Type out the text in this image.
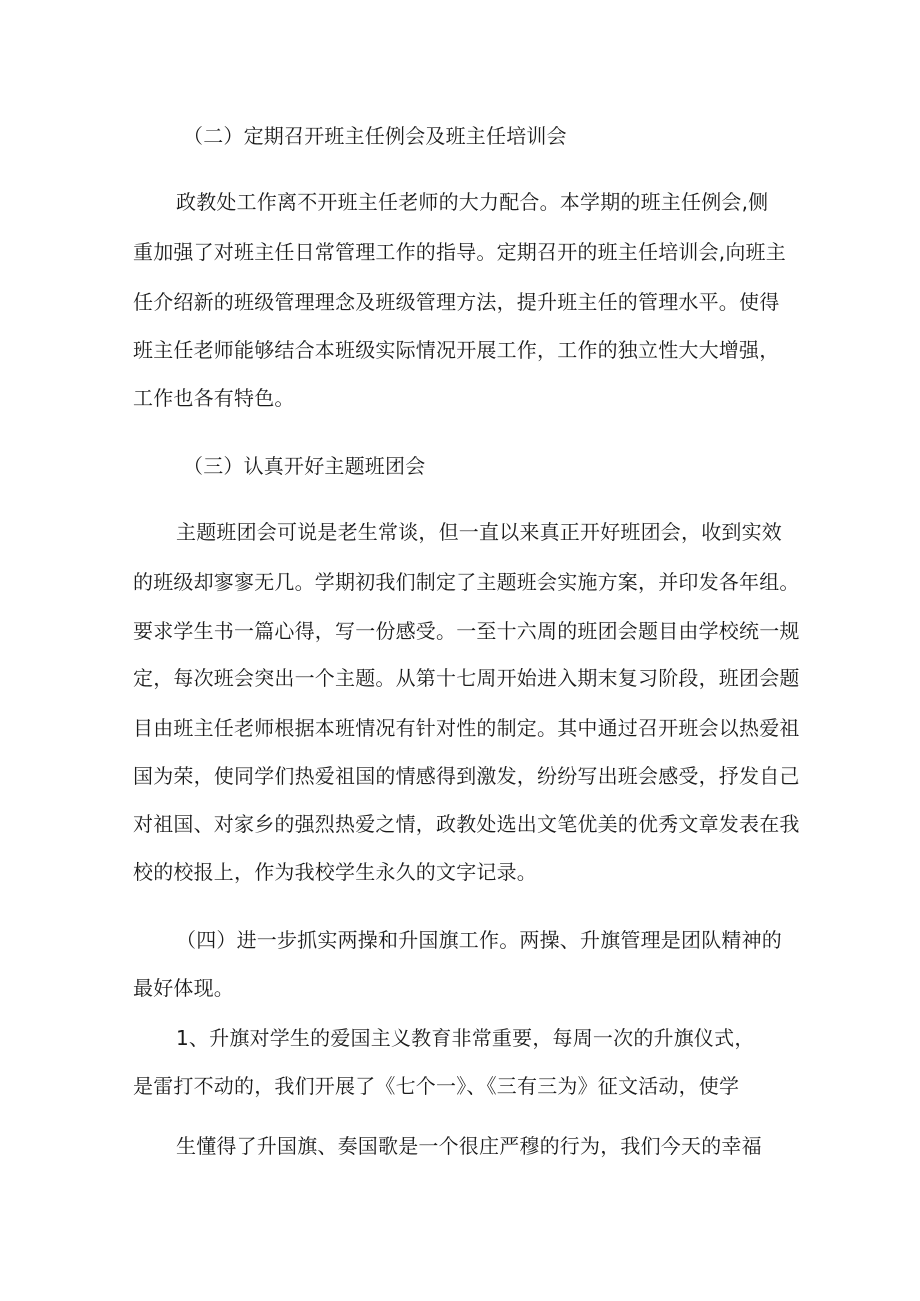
（二）定期召开班主任例会及班主任培训会
政教处工作离不开班主任老师的大力配合。本学期的班主任例会,侧
重加强了对班主任日常管理工作的指导。定期召开的班主任培训会,向班主
任介绍新的班级管理理念及班级管理方法，提升班主任的管理水平。使得
班主任老师能够结合本班级实际情况开展工作，工作的独立性大大增强，
工作也各有特色。
（三）认真开好主题班团会
主题班团会可说是老生常谈，但一直以来真正开好班团会，收到实效
的班级却寥寥无几。学期初我们制定了主题班会实施方案，并印发各年组。
要求学生书一篇心得，写一份感受。一至十六周的班团会题目由学校统一规
定，每次班会突出一个主题。从第十七周开始进入期末复习阶段，班团会题
目由班主任老师根据本班情况有针对性的制定。其中通过召开班会以热爱祖
国为荣，使同学们热爱祖国的情感得到激发，纷纷写出班会感受，抒发自己
对祖国、对家乡的强烈热爱之情，政教处选出文笔优美的优秀文章发表在我
校的校报上，作为我校学生永久的文字记录。
（四）进一步抓实两操和升国旗工作。两操、升旗管理是团队精神的
最好体现。
1、升旗对学生的爱国主义教育非常重要，每周一次的升旗仪式，
是雷打不动的，我们开展了《七个一》、《三有三为》征文活动，使学
生懂得了升国旗、奏国歌是一个很庄严穆的行为，我们今天的幸福
